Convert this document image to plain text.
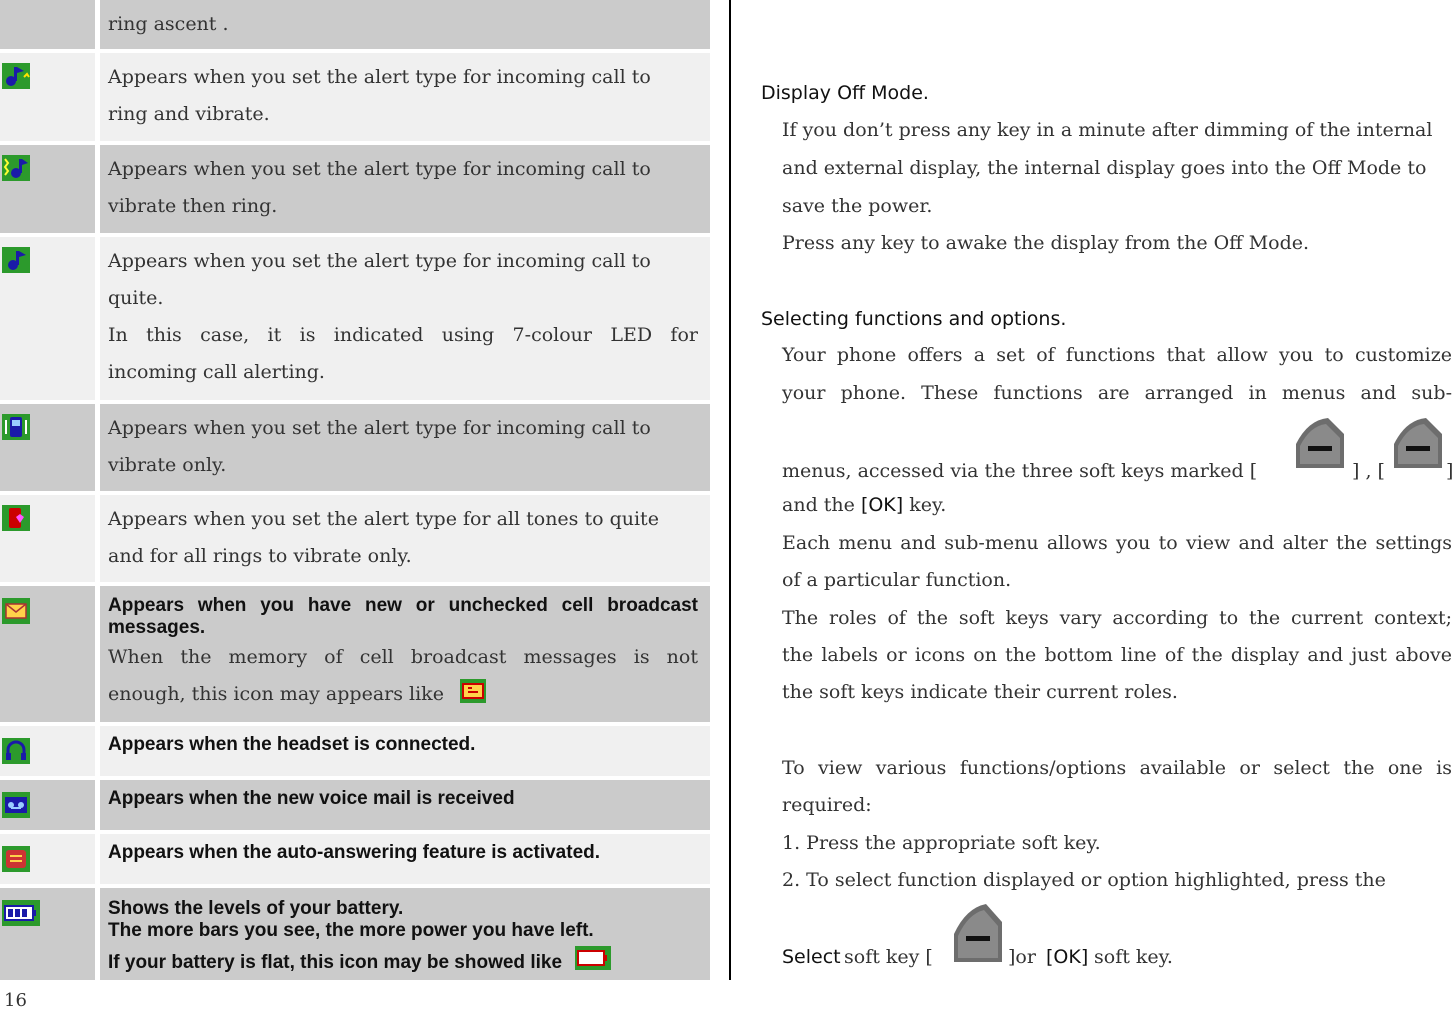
ring ascent .
Appears when you set the alert type for incoming call to
ring and vibrate.
Appears when you set the alert type for incoming call to
vibrate then ring.
Appears when you set the alert type for incoming call to
quite.
In this case, it is indicated using 7-colour LED for
incoming call alerting.
Appears when you set the alert type for incoming call to
vibrate only.
Appears when you set the alert type for all tones to quite
and for all rings to vibrate only.
Appears when you have new or unchecked cell broadcast messages.
When the memory of cell broadcast messages is not
enough, this icon may appears like
Appears when the headset is connected.
Appears when the new voice mail is received
Appears when the auto-answering feature is activated.
Shows the levels of your battery.
The more bars you see, the more power you have left.
If your battery is flat, this icon may be showed like
16
Display Off Mode.
If you don’t press any key in a minute after dimming of the internal
and external display, the internal display goes into the Off Mode to
save the power.
Press any key to awake the display from the Off Mode.
Selecting functions and options.
Your phone offers a set of functions that allow you to customize
your phone. These functions are arranged in menus and sub-
menus, accessed via the three soft keys marked [	] , [	]
and the [OK] key.
Each menu and sub-menu allows you to view and alter the settings
of a particular function.
The roles of the soft keys vary according to the current context;
the labels or icons on the bottom line of the display and just above
the soft keys indicate their current roles.
To view various functions/options available or select the one is
required:
1. Press the appropriate soft key.
2. To select function displayed or option highlighted, press the
Select soft key [	]or [OK] soft key.
